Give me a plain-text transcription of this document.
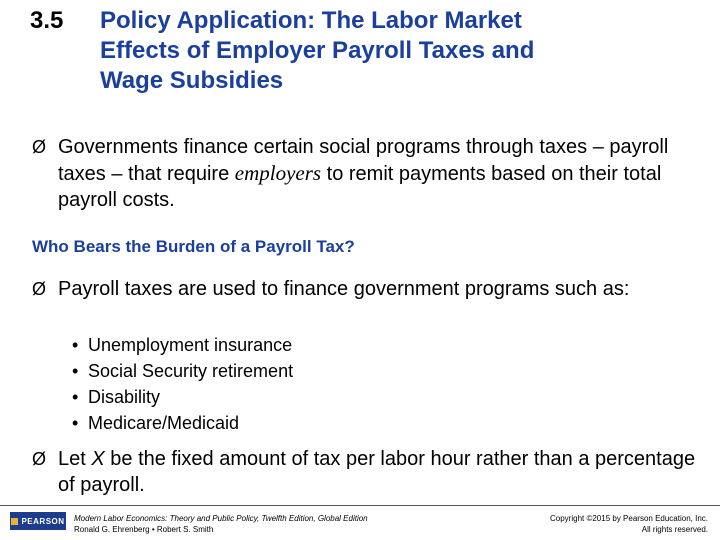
3.5 Policy Application: The Labor Market
Effects of Employer Payroll Taxes and
Wage Subsidies
Ø Governments finance certain social programs through taxes – payroll taxes – that require employers to remit payments based on their total payroll costs.
Who Bears the Burden of a Payroll Tax?
Ø Payroll taxes are used to finance government programs such as:
• Unemployment insurance
• Social Security retirement
• Disability
• Medicare/Medicaid
Ø Let X be the fixed amount of tax per labor hour rather than a percentage of payroll.
PEARSON Modern Labor Economics: Theory and Public Policy, Twelfth Edition, Global Edition
Ronald G. Ehrenberg • Robert S. Smith
Copyright ©2015 by Pearson Education, Inc.
All rights reserved.
